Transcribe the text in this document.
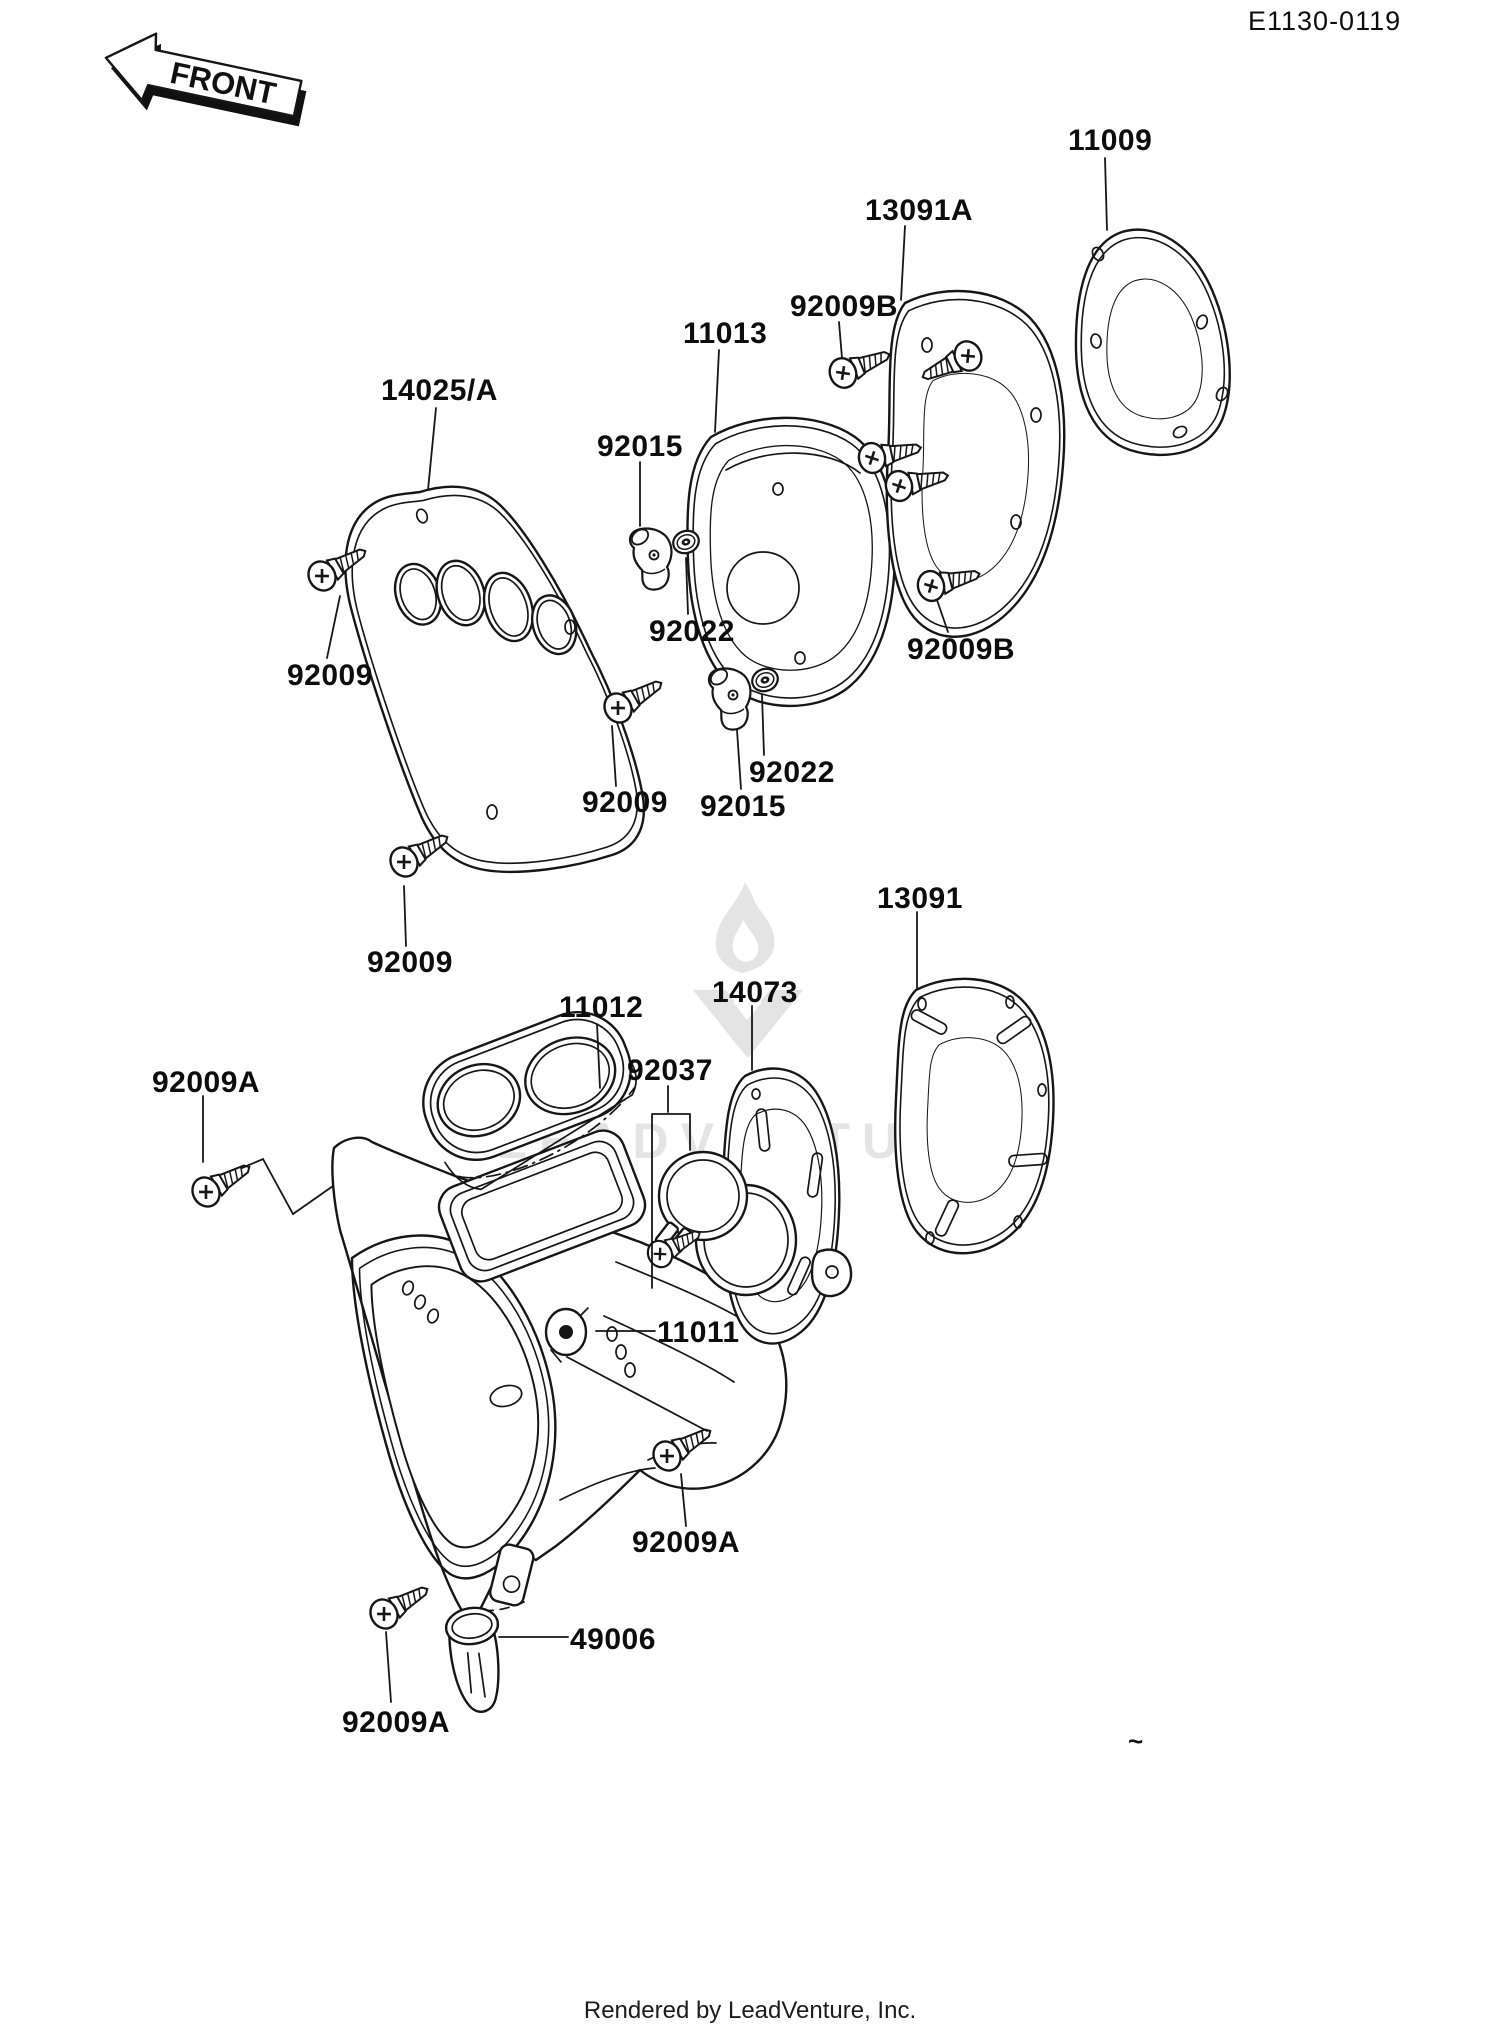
E1130-0119
FRONT
11009
13091A
92009B
11013
14025/A
92015
92022
92009B
92009
92022
92009 92015
13091
92009
14073
11012
92037
92009A
11011
92009A
49006
92009A
~
Rendered by LeadVenture, Inc.
